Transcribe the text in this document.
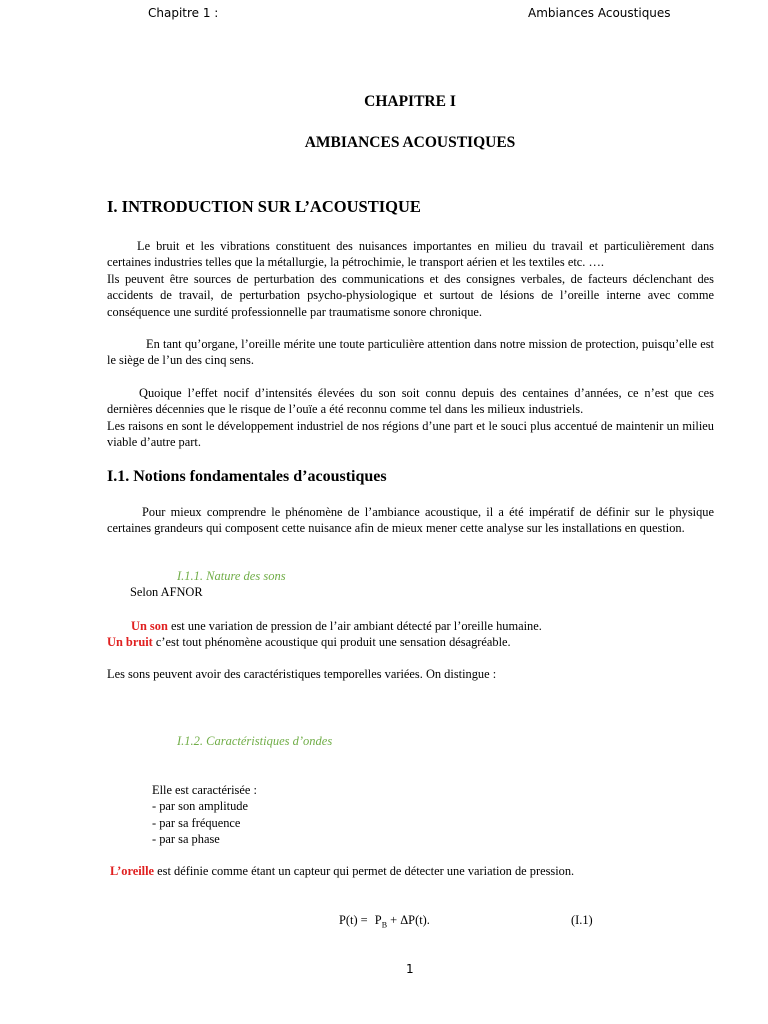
Chapitre 1 :	Ambiances Acoustiques
CHAPITRE I
AMBIANCES ACOUSTIQUES
I. INTRODUCTION SUR L’ACOUSTIQUE
Le bruit et les vibrations constituent des nuisances importantes en milieu du travail et particulièrement dans certaines industries telles que la métallurgie, la pétrochimie, le transport aérien et les textiles etc. ….
Ils peuvent être sources de perturbation des communications et des consignes verbales, de facteurs déclenchant des accidents de travail, de perturbation psycho-physiologique et surtout de lésions de l’oreille interne avec comme conséquence une surdité professionnelle par traumatisme sonore chronique.
En tant qu’organe, l’oreille mérite une toute particulière attention dans notre mission de protection, puisqu’elle est le siège de l’un des cinq sens.
Quoique l’effet nocif d’intensités élevées du son soit connu depuis des centaines d’années, ce n’est que ces dernières décennies que le risque de l’ouïe a été reconnu comme tel dans les milieux industriels.
Les raisons en sont le développement industriel de nos régions d’une part et le souci plus accentué de maintenir un milieu viable d’autre part.
I.1. Notions fondamentales d’acoustiques
Pour mieux comprendre le phénomène de l’ambiance acoustique, il a été impératif de définir sur le physique certaines grandeurs qui composent cette nuisance afin de mieux mener cette analyse sur les installations en question.
I.1.1. Nature des sons
Selon AFNOR
Un son est une variation de pression de l’air ambiant détecté par l’oreille humaine.
Un bruit c’est tout phénomène acoustique qui produit une sensation désagréable.
Les sons peuvent avoir des caractéristiques temporelles variées. On distingue :
I.1.2. Caractéristiques d’ondes
Elle est caractérisée :
- par son amplitude
- par sa fréquence
- par sa phase
L’oreille est définie comme étant un capteur qui permet de détecter une variation de pression.
$P(t) = P_B + \Delta P(t)$.	(I.1)
1
